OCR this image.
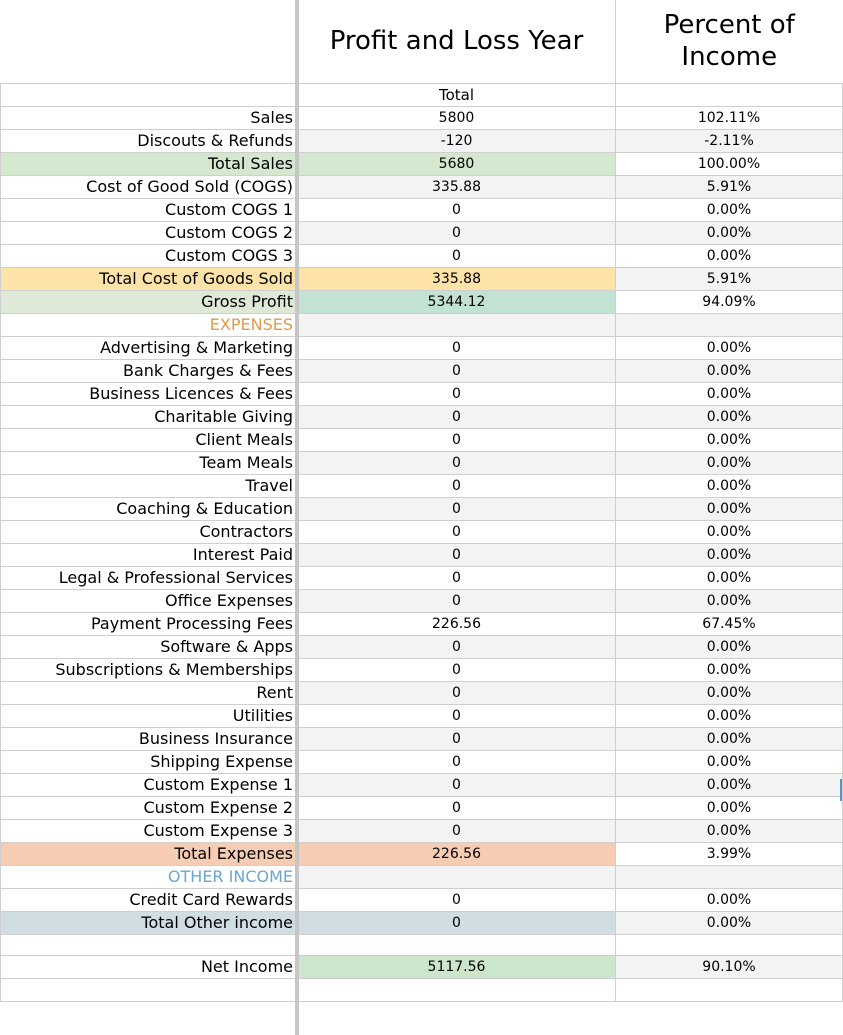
	Profit and Loss Year	Percent of Income
	Total	
Sales	5800	102.11%
Discouts & Refunds	-120	-2.11%
Total Sales	5680	100.00%
Cost of Good Sold (COGS)	335.88	5.91%
Custom COGS 1	0	0.00%
Custom COGS 2	0	0.00%
Custom COGS 3	0	0.00%
Total Cost of Goods Sold	335.88	5.91%
Gross Profit	5344.12	94.09%
EXPENSES		
Advertising & Marketing	0	0.00%
Bank Charges & Fees	0	0.00%
Business Licences & Fees	0	0.00%
Charitable Giving	0	0.00%
Client Meals	0	0.00%
Team Meals	0	0.00%
Travel	0	0.00%
Coaching & Education	0	0.00%
Contractors	0	0.00%
Interest Paid	0	0.00%
Legal & Professional Services	0	0.00%
Office Expenses	0	0.00%
Payment Processing Fees	226.56	67.45%
Software & Apps	0	0.00%
Subscriptions & Memberships	0	0.00%
Rent	0	0.00%
Utilities	0	0.00%
Business Insurance	0	0.00%
Shipping Expense	0	0.00%
Custom Expense 1	0	0.00%
Custom Expense 2	0	0.00%
Custom Expense 3	0	0.00%
Total Expenses	226.56	3.99%
OTHER INCOME		
Credit Card Rewards	0	0.00%
Total Other income	0	0.00%

Net Income	5117.56	90.10%
